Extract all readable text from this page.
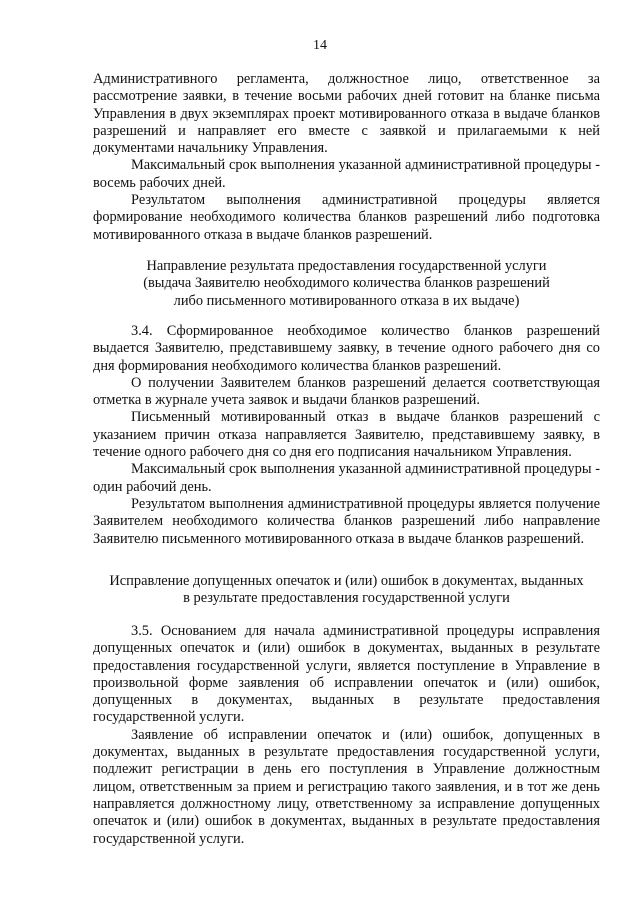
14

Административного регламента, должностное лицо, ответственное за рассмотрение заявки, в течение восьми рабочих дней готовит на бланке письма Управления в двух экземплярах проект мотивированного отказа в выдаче бланков разрешений и направляет его вместе с заявкой и прилагаемыми к ней документами начальнику Управления.

Максимальный срок выполнения указанной административной процедуры - восемь рабочих дней.

Результатом выполнения административной процедуры является формирование необходимого количества бланков разрешений либо подготовка мотивированного отказа в выдаче бланков разрешений.

Направление результата предоставления государственной услуги

(выдача Заявителю необходимого количества бланков разрешений

либо письменного мотивированного отказа в их выдаче)

3.4. Сформированное необходимое количество бланков разрешений выдается Заявителю, представившему заявку, в течение одного рабочего дня со дня формирования необходимого количества бланков разрешений.

О получении Заявителем бланков разрешений делается соответствующая отметка в журнале учета заявок и выдачи бланков разрешений.

Письменный мотивированный отказ в выдаче бланков разрешений с указанием причин отказа направляется Заявителю, представившему заявку, в течение одного рабочего дня со дня его подписания начальником Управления.

Максимальный срок выполнения указанной административной процедуры - один рабочий день.

Результатом выполнения административной процедуры является получение Заявителем необходимого количества бланков разрешений либо направление Заявителю письменного мотивированного отказа в выдаче бланков разрешений.

Исправление допущенных опечаток и (или) ошибок в документах, выданных

в результате предоставления государственной услуги

3.5. Основанием для начала административной процедуры исправления допущенных опечаток и (или) ошибок в документах, выданных в результате предоставления государственной услуги, является поступление в Управление в произвольной форме заявления об исправлении опечаток и (или) ошибок, допущенных в документах, выданных в результате предоставления государственной услуги.

Заявление об исправлении опечаток и (или) ошибок, допущенных в документах, выданных в результате предоставления государственной услуги, подлежит регистрации в день его поступления в Управление должностным лицом, ответственным за прием и регистрацию такого заявления, и в тот же день направляется должностному лицу, ответственному за исправление допущенных опечаток и (или) ошибок в документах, выданных в результате предоставления государственной услуги.
